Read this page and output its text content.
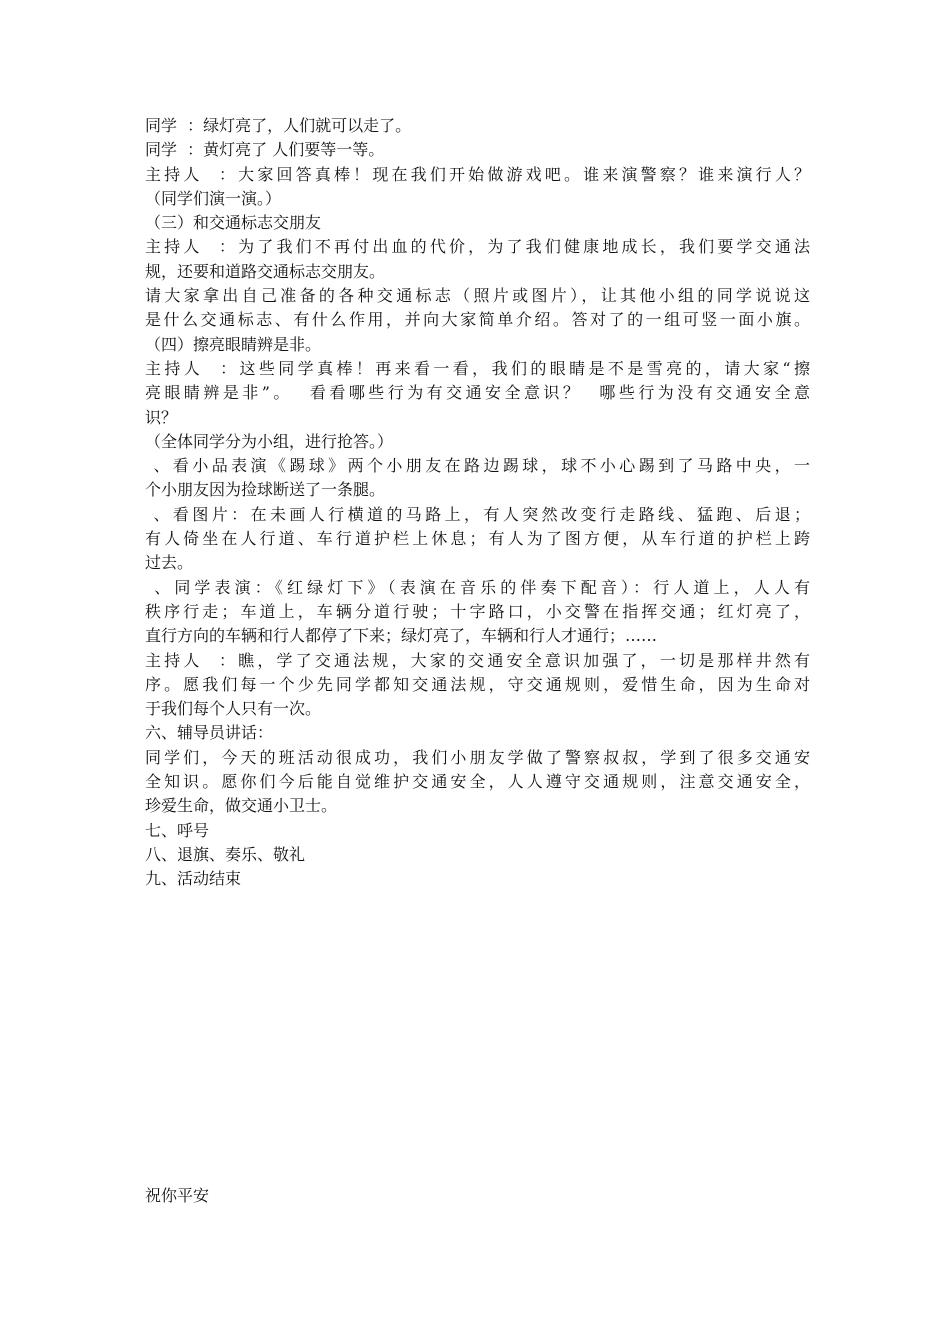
同学  ：绿灯亮了，人们就可以走了。
同学  ：黄灯亮了 人们要等一等。
主持人  ：大家回答真棒！现在我们开始做游戏吧。谁来演警察？谁来演行人？
（同学们演一演。）
（三）和交通标志交朋友
主持人  ：为了我们不再付出血的代价，为了我们健康地成长，我们要学交通法
规，还要和道路交通标志交朋友。
请大家拿出自己准备的各种交通标志（照片或图片），让其他小组的同学说说这
是什么交通标志、有什么作用，并向大家简单介绍。答对了的一组可竖一面小旗。
（四）擦亮眼睛辨是非。
主持人  ：这些同学真棒！再来看一看，我们的眼睛是不是雪亮的，请大家“擦
亮眼睛辨是非”。  看看哪些行为有交通安全意识？  哪些行为没有交通安全意
识？
（全体同学分为小组，进行抢答。）
、看小品表演《踢球》两个小朋友在路边踢球，球不小心踢到了马路中央，一
个小朋友因为捡球断送了一条腿。
、看图片：在未画人行横道的马路上，有人突然改变行走路线、猛跑、后退；
有人倚坐在人行道、车行道护栏上休息；有人为了图方便，从车行道的护栏上跨
过去。
、同学表演：《红绿灯下》（表演在音乐的伴奏下配音）：行人道上，人人有
秩序行走；车道上，车辆分道行驶；十字路口，小交警在指挥交通；红灯亮了，
直行方向的车辆和行人都停了下来；绿灯亮了，车辆和行人才通行；……
主持人  ：瞧，学了交通法规，大家的交通安全意识加强了，一切是那样井然有
序。愿我们每一个少先同学都知交通法规，守交通规则，爱惜生命，因为生命对
于我们每个人只有一次。
六、辅导员讲话：
同学们，今天的班活动很成功，我们小朋友学做了警察叔叔，学到了很多交通安
全知识。愿你们今后能自觉维护交通安全，人人遵守交通规则，注意交通安全，
珍爱生命，做交通小卫士。
七、呼号
八、退旗、奏乐、敬礼
九、活动结束
祝你平安
